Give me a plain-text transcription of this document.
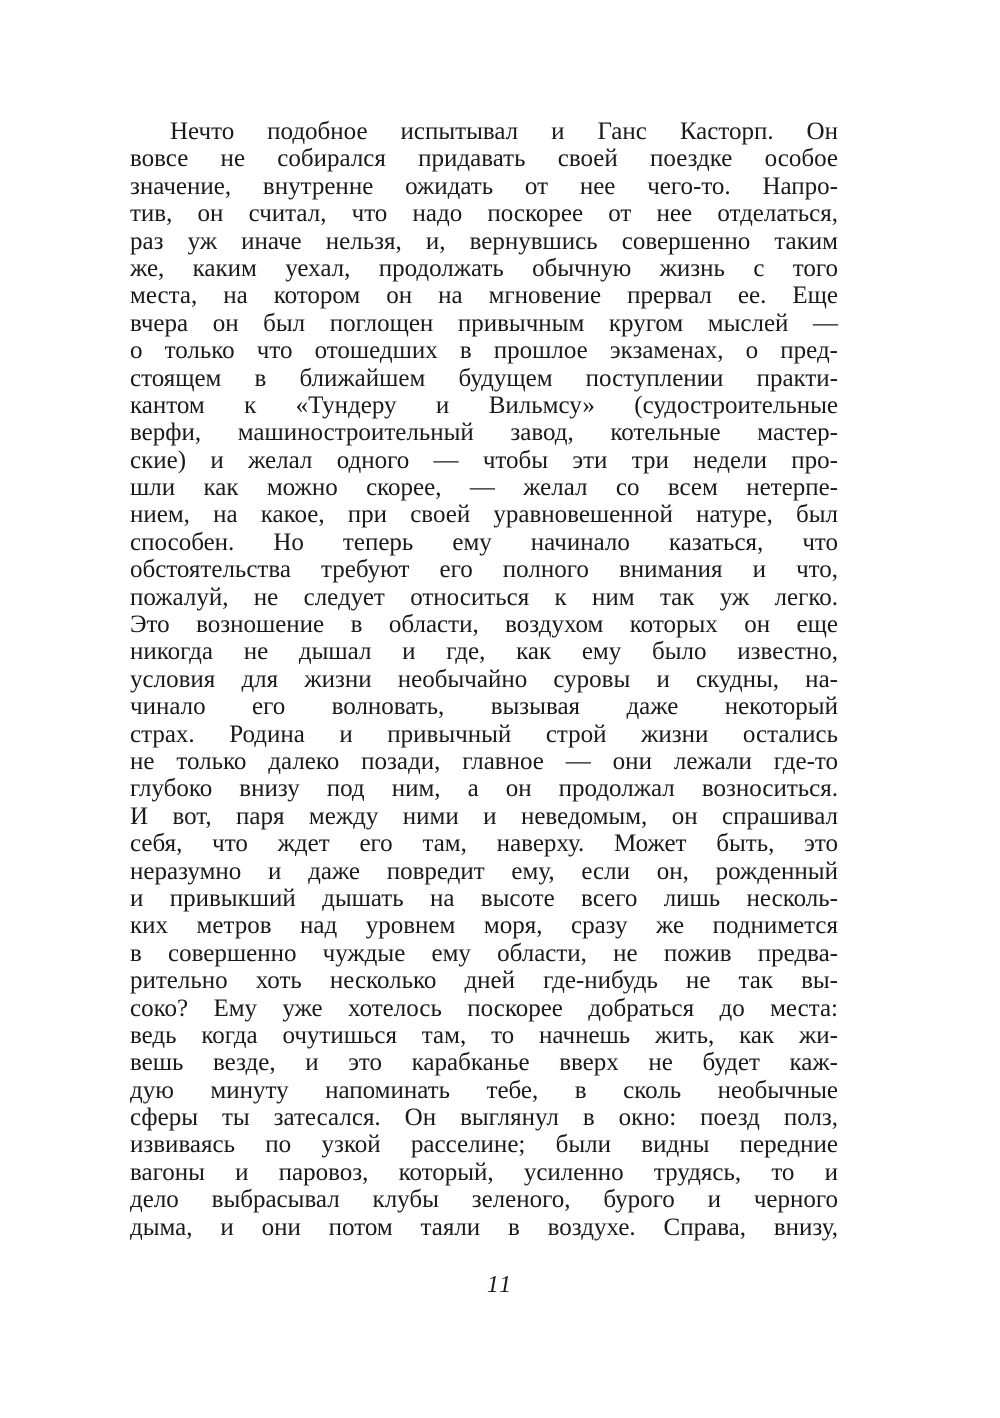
Нечто подобное испытывал и Ганс Касторп. Он
вовсе не собирался придавать своей поездке особое
значение, внутренне ожидать от нее чего-то. Напро-
тив, он считал, что надо поскорее от нее отделаться,
раз уж иначе нельзя, и, вернувшись совершенно таким
же, каким уехал, продолжать обычную жизнь с того
места, на котором он на мгновение прервал ее. Еще
вчера он был поглощен привычным кругом мыслей —
о только что отошедших в прошлое экзаменах, о пред-
стоящем в ближайшем будущем поступлении практи-
кантом к «Тундеру и Вильмсу» (судостроительные
верфи, машиностроительный завод, котельные мастер-
ские) и желал одного — чтобы эти три недели про-
шли как можно скорее, — желал со всем нетерпе-
нием, на какое, при своей уравновешенной натуре, был
способен. Но теперь ему начинало казаться, что
обстоятельства требуют его полного внимания и что,
пожалуй, не следует относиться к ним так уж легко.
Это возношение в области, воздухом которых он еще
никогда не дышал и где, как ему было известно,
условия для жизни необычайно суровы и скудны, на-
чинало его волновать, вызывая даже некоторый
страх. Родина и привычный строй жизни остались
не только далеко позади, главное — они лежали где-то
глубоко внизу под ним, а он продолжал возноситься.
И вот, паря между ними и неведомым, он спрашивал
себя, что ждет его там, наверху. Может быть, это
неразумно и даже повредит ему, если он, рожденный
и привыкший дышать на высоте всего лишь несколь-
ких метров над уровнем моря, сразу же поднимется
в совершенно чуждые ему области, не пожив предва-
рительно хоть несколько дней где-нибудь не так вы-
соко? Ему уже хотелось поскорее добраться до места:
ведь когда очутишься там, то начнешь жить, как жи-
вешь везде, и это карабканье вверх не будет каж-
дую минуту напоминать тебе, в сколь необычные
сферы ты затесался. Он выглянул в окно: поезд полз,
извиваясь по узкой расселине; были видны передние
вагоны и паровоз, который, усиленно трудясь, то и
дело выбрасывал клубы зеленого, бурого и черного
дыма, и они потом таяли в воздухе. Справа, внизу,
11
